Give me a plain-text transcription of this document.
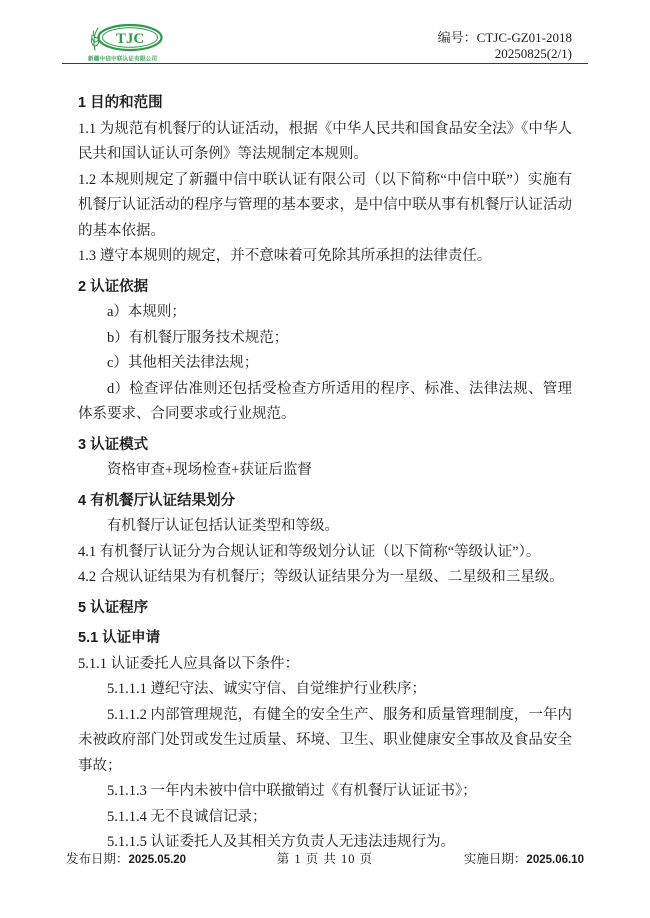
TJC
新疆中信中联认证有限公司
编号：CTJC-GZ01-2018
20250825(2/1)

1 目的和范围

1.1 为规范有机餐厅的认证活动，根据《中华人民共和国食品安全法》《中华人民共和国认证认可条例》等法规制定本规则。

1.2 本规则规定了新疆中信中联认证有限公司（以下简称“中信中联”）实施有机餐厅认证活动的程序与管理的基本要求，是中信中联从事有机餐厅认证活动的基本依据。

1.3 遵守本规则的规定，并不意味着可免除其所承担的法律责任。

2 认证依据

a）本规则；

b）有机餐厅服务技术规范；

c）其他相关法律法规；

d）检查评估准则还包括受检查方所适用的程序、标准、法律法规、管理体系要求、合同要求或行业规范。

3 认证模式

资格审查+现场检查+获证后监督

4 有机餐厅认证结果划分

有机餐厅认证包括认证类型和等级。

4.1 有机餐厅认证分为合规认证和等级划分认证（以下简称“等级认证”）。

4.2 合规认证结果为有机餐厅；等级认证结果分为一星级、二星级和三星级。

5 认证程序

5.1 认证申请

5.1.1 认证委托人应具备以下条件：

5.1.1.1 遵纪守法、诚实守信、自觉维护行业秩序；

5.1.1.2 内部管理规范，有健全的安全生产、服务和质量管理制度，一年内未被政府部门处罚或发生过质量、环境、卫生、职业健康安全事故及食品安全事故；

5.1.1.3 一年内未被中信中联撤销过《有机餐厅认证证书》；

5.1.1.4 无不良诚信记录；

5.1.1.5 认证委托人及其相关方负责人无违法违规行为。

发布日期：2025.05.20	第 1 页 共 10 页	实施日期：2025.06.10
